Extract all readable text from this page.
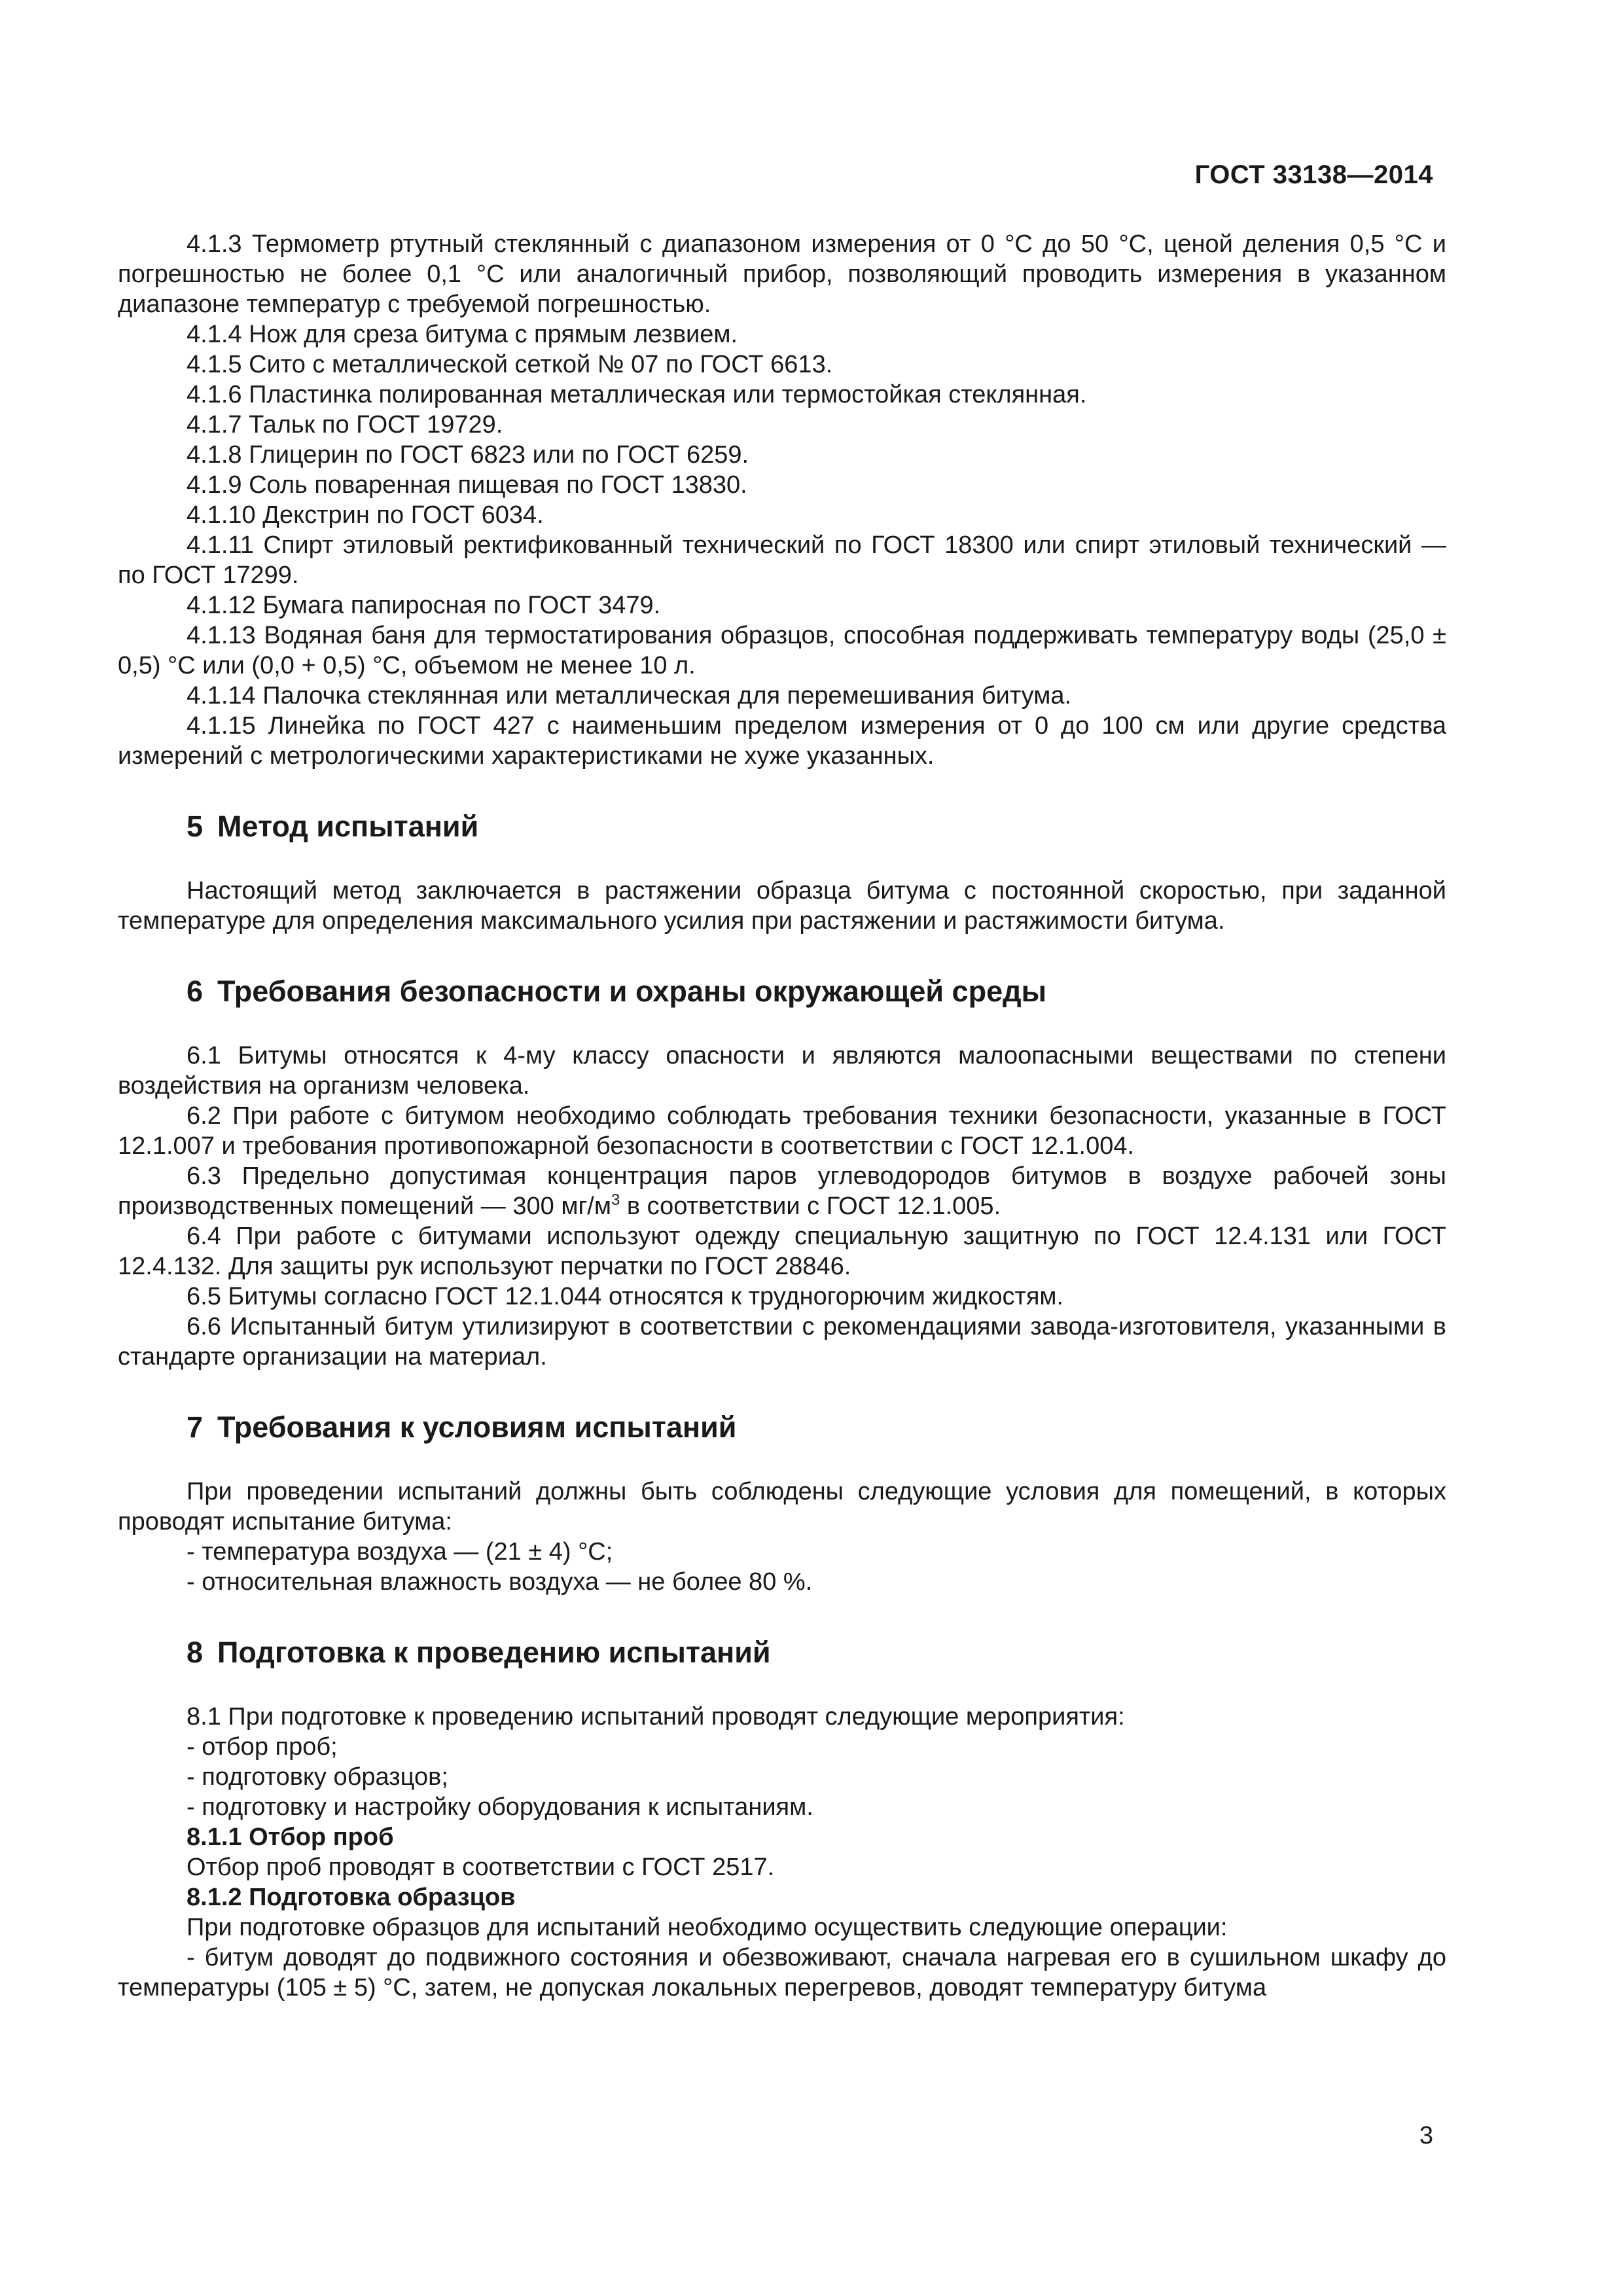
ГОСТ 33138—2014

4.1.3 Термометр ртутный стеклянный с диапазоном измерения от 0 °С до 50 °С, ценой деления 0,5 °С и погрешностью не более 0,1 °С или аналогичный прибор, позволяющий проводить измерения в указанном диапазоне температур с требуемой погрешностью.

4.1.4 Нож для среза битума с прямым лезвием.

4.1.5 Сито с металлической сеткой № 07 по ГОСТ 6613.

4.1.6 Пластинка полированная металлическая или термостойкая стеклянная.

4.1.7 Тальк по ГОСТ 19729.

4.1.8 Глицерин по ГОСТ 6823 или по ГОСТ 6259.

4.1.9 Соль поваренная пищевая по ГОСТ 13830.

4.1.10 Декстрин по ГОСТ 6034.

4.1.11 Спирт этиловый ректификованный технический по ГОСТ 18300 или спирт этиловый технический — по ГОСТ 17299.

4.1.12 Бумага папиросная по ГОСТ 3479.

4.1.13 Водяная баня для термостатирования образцов, способная поддерживать температуру воды (25,0 ± 0,5) °С или (0,0 + 0,5) °С, объемом не менее 10 л.

4.1.14 Палочка стеклянная или металлическая для перемешивания битума.

4.1.15 Линейка по ГОСТ 427 с наименьшим пределом измерения от 0 до 100 см или другие средства измерений с метрологическими характеристиками не хуже указанных.

5 Метод испытаний

Настоящий метод заключается в растяжении образца битума с постоянной скоростью, при заданной температуре для определения максимального усилия при растяжении и растяжимости битума.

6 Требования безопасности и охраны окружающей среды

6.1 Битумы относятся к 4-му классу опасности и являются малоопасными веществами по степени воздействия на организм человека.

6.2 При работе с битумом необходимо соблюдать требования техники безопасности, указанные в ГОСТ 12.1.007 и требования противопожарной безопасности в соответствии с ГОСТ 12.1.004.

6.3 Предельно допустимая концентрация паров углеводородов битумов в воздухе рабочей зоны производственных помещений — 300 $мг/м^3$ в соответствии с ГОСТ 12.1.005.

6.4 При работе с битумами используют одежду специальную защитную по ГОСТ 12.4.131 или ГОСТ 12.4.132. Для защиты рук используют перчатки по ГОСТ 28846.

6.5 Битумы согласно ГОСТ 12.1.044 относятся к трудногорючим жидкостям.

6.6 Испытанный битум утилизируют в соответствии с рекомендациями завода-изготовителя, указанными в стандарте организации на материал.

7 Требования к условиям испытаний

При проведении испытаний должны быть соблюдены следующие условия для помещений, в которых проводят испытание битума:

- температура воздуха — (21 ± 4) °С;

- относительная влажность воздуха — не более 80 %.

8 Подготовка к проведению испытаний

8.1 При подготовке к проведению испытаний проводят следующие мероприятия:

- отбор проб;

- подготовку образцов;

- подготовку и настройку оборудования к испытаниям.

8.1.1 Отбор проб

Отбор проб проводят в соответствии с ГОСТ 2517.

8.1.2 Подготовка образцов

При подготовке образцов для испытаний необходимо осуществить следующие операции:

- битум доводят до подвижного состояния и обезвоживают, сначала нагревая его в сушильном шкафу до температуры (105 ± 5) °С, затем, не допуская локальных перегревов, доводят температуру битума

3
